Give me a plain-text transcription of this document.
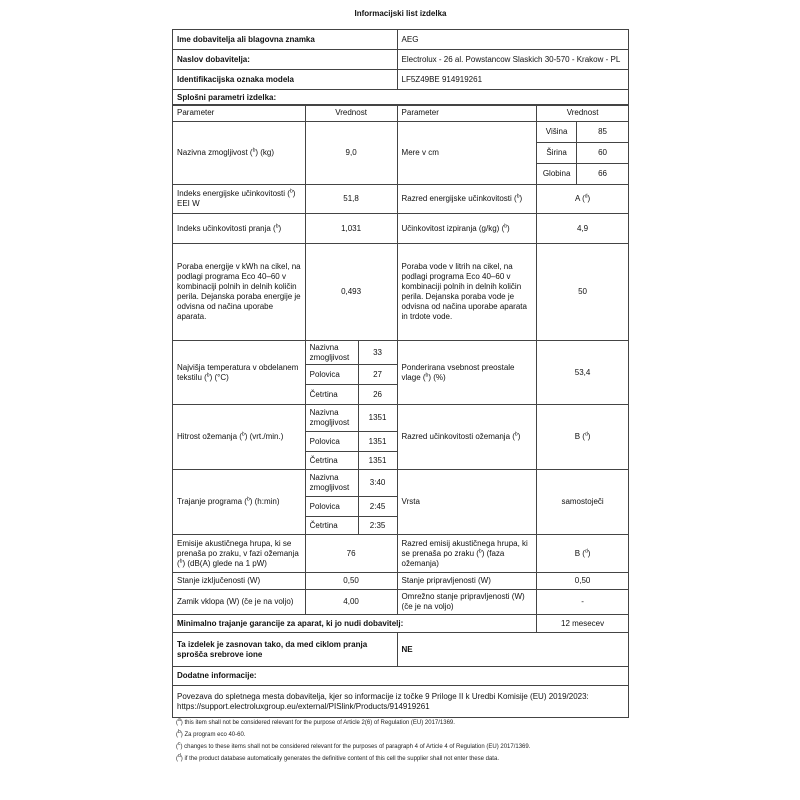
Informacijski list izdelka
Ime dobavitelja ali blagovna znamka	AEG
Naslov dobavitelja:	Electrolux - 26 al. Powstancow Slaskich 30-570 - Krakow - PL
Identifikacijska oznaka modela	LF5Z49BE 914919261
Splošni parametri izdelka:	
Parameter	Vrednost		Parameter	Vrednost	
Nazivna zmogljivost ($^b$) (kg)	9,0		Mere v cm	Višina	85
				Širina	60
				Globina	66
Indeks energijske učinkovitosti ($^b$) EEI W	51,8		Razred energijske učinkovitosti ($^b$)	A ($^d$)	
Indeks učinkovitosti pranja ($^b$)	1,031		Učinkovitost izpiranja (g/kg) ($^b$)	4,9	
Poraba energije v kWh na cikel, na podlagi programa Eco 40–60 v kombinaciji polnih in delnih količin perila. Dejanska poraba energije je odvisna od načina uporabe aparata.	0,493		Poraba vode v litrih na cikel, na podlagi programa Eco 40–60 v kombinaciji polnih in delnih količin perila. Dejanska poraba vode je odvisna od načina uporabe aparata in trdote vode.	50	
Najvišja temperatura v obdelanem tekstilu ($^b$) (°C)	Nazivna zmogljivost	33	Ponderirana vsebnost preostale vlage ($^b$) (%)	53,4	
	Polovica	27			
	Četrtina	26			
Hitrost ožemanja ($^b$) (vrt./min.)	Nazivna zmogljivost	1351	Razred učinkovitosti ožemanja ($^b$)	B ($^d$)	
	Polovica	1351			
	Četrtina	1351			
Trajanje programa ($^b$) (h:min)	Nazivna zmogljivost	3:40	Vrsta	samostoječi	
	Polovica	2:45			
	Četrtina	2:35			
Emisije akustičnega hrupa, ki se prenaša po zraku, v fazi ožemanja ($^b$) (dB(A) glede na 1 pW)	76		Razred emisij akustičnega hrupa, ki se prenaša po zraku ($^b$) (faza ožemanja)	B ($^d$)	
Stanje izključenosti (W)	0,50		Stanje pripravljenosti (W)	0,50	
Zamik vklopa (W) (če je na voljo)	4,00		Omrežno stanje pripravljenosti (W) (če je na voljo)	-	
Minimalno trajanje garancije za aparat, ki jo nudi dobavitelj:				12 mesecev	
Ta izdelek je zasnovan tako, da med ciklom pranja sprošča srebrove ione			NE		
Dodatne informacije:					

Povezava do spletnega mesta dobavitelja, kjer so informacije iz točke 9 Priloge II k Uredbi Komisije (EU) 2019/2023:
https://support.electroluxgroup.eu/external/PISlink/Products/914919261					
($^a$) this item shall not be considered relevant for the purpose of Article 2(6) of Regulation (EU) 2017/1369.
($^b$) Za program eco 40-60.
($^c$) changes to these items shall not be considered relevant for the purposes of paragraph 4 of Article 4 of Regulation (EU) 2017/1369.
($^d$) if the product database automatically generates the definitive content of this cell the supplier shall not enter these data.
